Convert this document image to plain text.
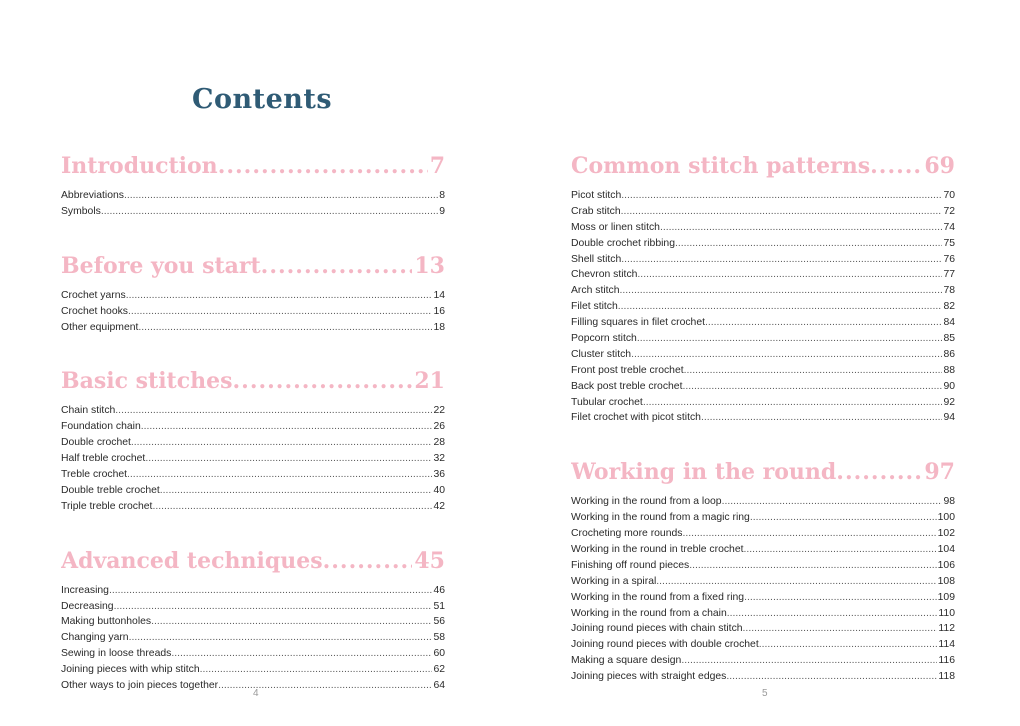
Contents
Introduction .....	7
Abbreviations .....	8
Symbols .....	9
Before you start .....	13
Crochet yarns .....	14
Crochet hooks .....	16
Other equipment .....	18
Basic stitches .....	21
Chain stitch .....	22
Foundation chain .....	26
Double crochet .....	28
Half treble crochet .....	32
Treble crochet .....	36
Double treble crochet .....	40
Triple treble crochet .....	42
Advanced techniques .....	45
Increasing .....	46
Decreasing .....	51
Making buttonholes .....	56
Changing yarn .....	58
Sewing in loose threads .....	60
Joining pieces with whip stitch .....	62
Other ways to join pieces together .....	64
Common stitch patterns ..... 69
Picot stitch .....	70
Crab stitch .....	72
Moss or linen stitch .....	74
Double crochet ribbing .....	75
Shell stitch .....	76
Chevron stitch .....	77
Arch stitch .....	78
Filet stitch .....	82
Filling squares in filet crochet .....	84
Popcorn stitch .....	85
Cluster stitch .....	86
Front post treble crochet .....	88
Back post treble crochet .....	90
Tubular crochet .....	92
Filet crochet with picot stitch .....	94
Working in the round .....	97
Working in the round from a loop .....	98
Working in the round from a magic ring .....	100
Crocheting more rounds .....	102
Working in the round in treble crochet .....	104
Finishing off round pieces .....	106
Working in a spiral .....	108
Working in the round from a fixed ring .....	109
Working in the round from a chain .....	110
Joining round pieces with chain stitch .....	112
Joining round pieces with double crochet .....	114
Making a square design .....	116
Joining pieces with straight edges .....	118
4	5
